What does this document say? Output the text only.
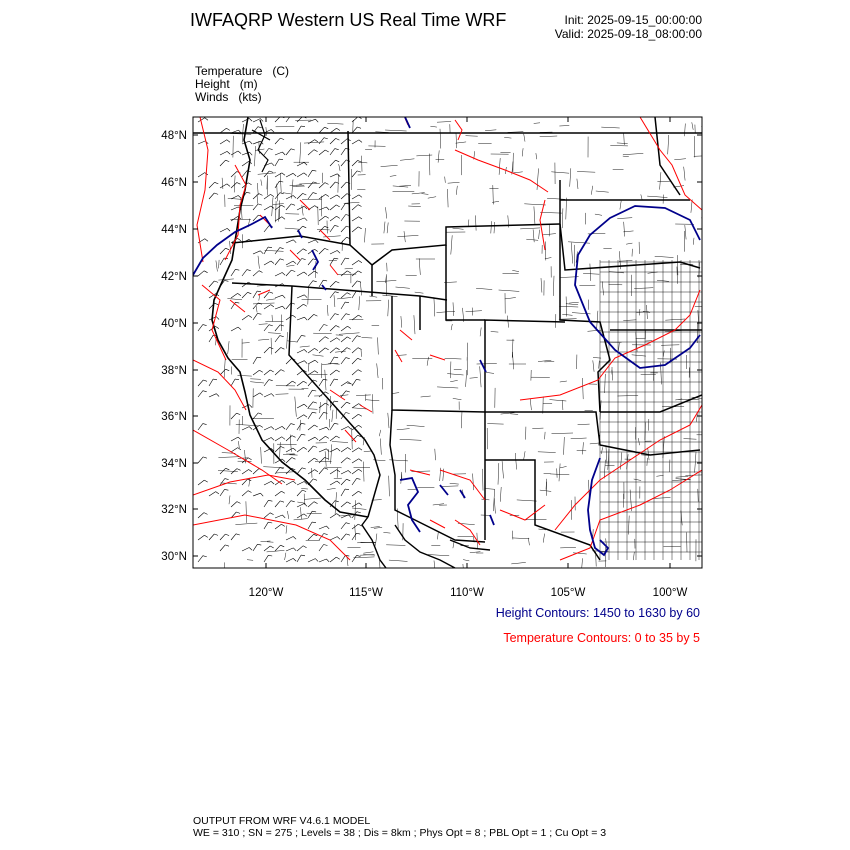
IWFAQRP Western US Real Time WRF	Init: 2025-09-15_00:00:00
Valid: 2025-09-18_08:00:00
Temperature   (C)
Height   (m)
Winds   (kts)
48°N
46°N
44°N
42°N
40°N
38°N
36°N
34°N
32°N
30°N
120°W	115°W	110°W	105°W	100°W
Height Contours: 1450 to 1630 by 60
Temperature Contours: 0 to 35 by 5
OUTPUT FROM WRF V4.6.1 MODEL
WE = 310 ; SN = 275 ; Levels = 38 ; Dis = 8km ; Phys Opt = 8 ; PBL Opt = 1 ; Cu Opt = 3
